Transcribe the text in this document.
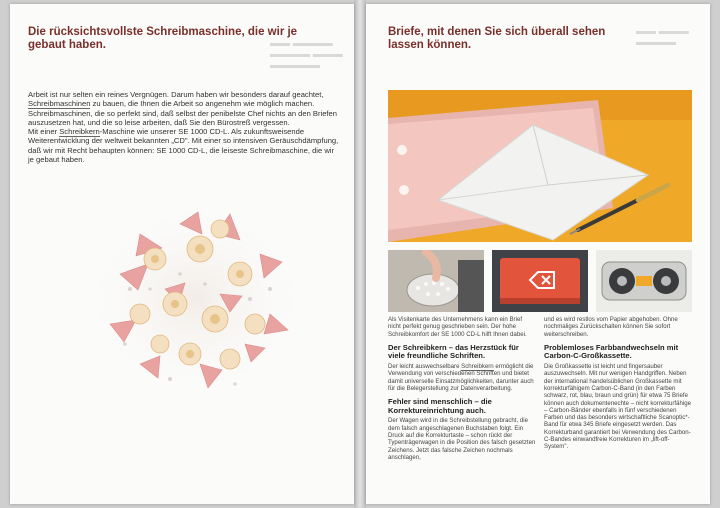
▬▬ ▬▬▬▬
▬▬▬▬ ▬▬▬
▬▬▬▬▬
Die rücksichtsvollste Schreibmaschine, die wir je gebaut haben.

Arbeit ist nur selten ein reines Vergnügen. Darum haben wir besonders darauf geachtet, Schreibmaschinen zu bauen, die Ihnen die Arbeit so angenehm wie möglich machen.

Schreibmaschinen, die so perfekt sind, daß selbst der penibelste Chef nichts an den Briefen auszusetzen hat, und die so leise arbeiten, daß Sie den Bürostreß vergessen.

Mit einer Schreibkern-Maschine wie unserer SE 1000 CD-L. Als zukunftsweisende Weiterentwicklung der weltweit bekannten „CD". Mit einer so intensiven Geräuschdämpfung, daß wir mit Recht behaupten können: SE 1000 CD-L, die leiseste Schreibmaschine, die wir je gebaut haben.

▬▬ ▬▬▬
▬▬▬▬
Briefe, mit denen Sie sich überall sehen lassen können.

Als Visitenkarte des Unternehmens kann ein Brief nicht perfekt genug geschrieben sein. Der hohe Schreibkomfort der SE 1000 CD-L hilft Ihnen dabei.

Der Schreibkern – das Herzstück für viele freundliche Schriften.

Der leicht auswechselbare Schreibkern ermöglicht die Verwendung von verschiedenen Schriften und bietet damit universelle Einsatzmöglichkeiten, darunter auch für die Belegerstellung zur Datenverarbeitung.

Fehler sind menschlich – die Korrektureinrichtung auch.

Der Wagen wird in die Schreibstellung gebracht, die dem falsch angeschlagenen Buchstaben folgt. Ein Druck auf die Korrekturtaste – schon rückt der Typenträgerwagen in die Position des falsch gesetzten Zeichens. Jetzt das falsche Zeichen nochmals anschlagen,

und es wird restlos vom Papier abgehoben. Ohne nochmaliges Zurückschalten können Sie sofort weiterschreiben.

Problemloses Farbbandwechseln mit Carbon-C-Großkassette.

Die Großkassette ist leicht und fingersauber auszuwechseln. Mit nur wenigen Handgriffen. Neben der international handelsüblichen Großkassette mit korrekturfähigem Carbon-C-Band (in den Farben schwarz, rot, blau, braun und grün) für etwa 75 Briefe können auch dokumentenechte – nicht korrekturfähige – Carbon-Bänder ebenfalls in fünf verschiedenen Farben und das besonders wirtschaftliche Scanoptic*-Band für etwa 345 Briefe eingesetzt werden. Das Korrekturband garantiert bei Verwendung des Carbon-C-Bandes einwandfreie Korrekturen im „lift-off-System".
